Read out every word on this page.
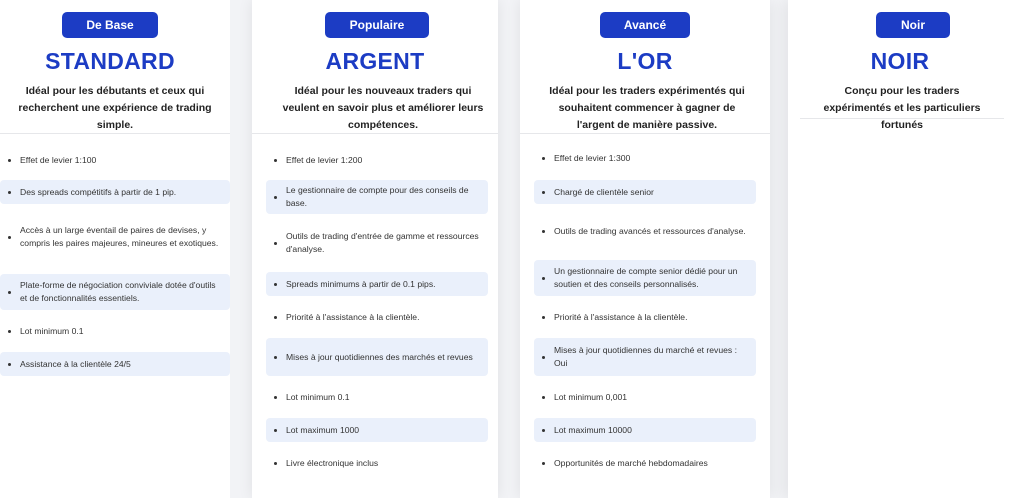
De Base
STANDARD
Idéal pour les débutants et ceux qui recherchent une expérience de trading simple.
Effet de levier 1:100
Des spreads compétitifs à partir de 1 pip.
Accès à un large éventail de paires de devises, y compris les paires majeures, mineures et exotiques.
Plate-forme de négociation conviviale dotée d'outils et de fonctionnalités essentiels.
Lot minimum 0.1
Assistance à la clientèle 24/5
Populaire
ARGENT
Idéal pour les nouveaux traders qui veulent en savoir plus et améliorer leurs compétences.
Effet de levier 1:200
Le gestionnaire de compte pour des conseils de base.
Outils de trading d'entrée de gamme et ressources d'analyse.
Spreads minimums à partir de 0.1 pips.
Priorité à l'assistance à la clientèle.
Mises à jour quotidiennes des marchés et revues
Lot minimum 0.1
Lot maximum 1000
Livre électronique inclus
Avancé
L'OR
Idéal pour les traders expérimentés qui souhaitent commencer à gagner de l'argent de manière passive.
Effet de levier 1:300
Chargé de clientèle senior
Outils de trading avancés et ressources d'analyse.
Un gestionnaire de compte senior dédié pour un soutien et des conseils personnalisés.
Priorité à l'assistance à la clientèle.
Mises à jour quotidiennes du marché et revues : Oui
Lot minimum 0,001
Lot maximum 10000
Opportunités de marché hebdomadaires
Noir
NOIR
Conçu pour les traders expérimentés et les particuliers fortunés
